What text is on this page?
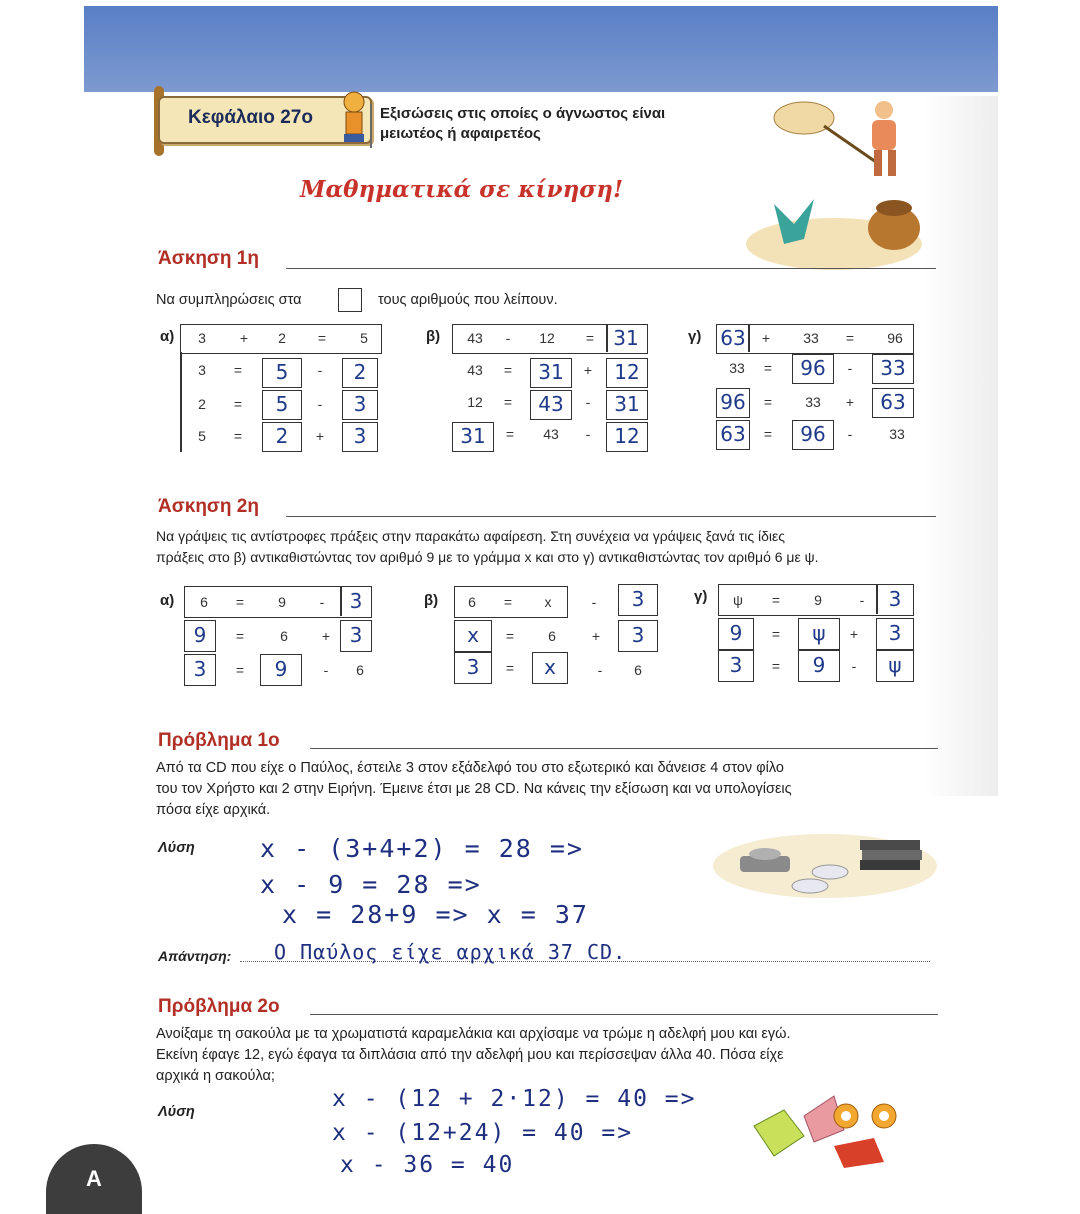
Κεφάλαιο 27ο	Εξισώσεις στις οποίες ο άγνωστος είναι
μειωτέος ή αφαιρετέος
Μαθηματικά σε κίνηση!
Άσκηση 1η
Να συμπληρώσεις στα	τους αριθμούς που λείπουν.
α)	3	+	2	=	5
3	=	5	-	2
2	=	5	-	3
5	=	2	+	3
β)	43	-	12	= 31
43	=	31	+	12
12	=	43	-	31
31	=	43	-	12
γ) 63	+	33	=	96
33	=	96	-	33
96	=	33	+	63
63	=	96	-	33
Άσκηση 2η
Να γράψεις τις αντίστροφες πράξεις στην παρακάτω αφαίρεση. Στη συνέχεια να γράψεις ξανά τις ίδιες
πράξεις στο β) αντικαθιστώντας τον αριθμό 9 με το γράμμα x και στο γ) αντικαθιστώντας τον αριθμό 6 με ψ.
α)	6	=	9	-	3
9	=	6	+ 3
3	=	9	-	6
β)	6	=	x	-	3
x	=	6	+	3
3	=	x	-	6
γ)	ψ	=	9	-	3
9	=	ψ	+	3
3	=	9	-	ψ
Πρόβλημα 1ο
Από τα CD που είχε ο Παύλος, έστειλε 3 στον εξάδελφό του στο εξωτερικό και δάνεισε 4 στον φίλο
του τον Χρήστο και 2 στην Ειρήνη. Έμεινε έτσι με 28 CD. Να κάνεις την εξίσωση και να υπολογίσεις
πόσα είχε αρχικά.
Λύση	x - (3+4+2) = 28 =>
x - 9 = 28 =>
x = 28+9 => x = 37
Απάντηση: Ο Παύλος είχε αρχικά 37 CD.
Πρόβλημα 2ο
Ανοίξαμε τη σακούλα με τα χρωματιστά καραμελάκια και αρχίσαμε να τρώμε η αδελφή μου και εγώ.
Εκείνη έφαγε 12, εγώ έφαγα τα διπλάσια από την αδελφή μου και περίσσεψαν άλλα 40. Πόσα είχε
αρχικά η σακούλα;
Λύση	x - (12 + 2·12) = 40 =>
x - (12+24) = 40 =>
x - 36 = 40
A
